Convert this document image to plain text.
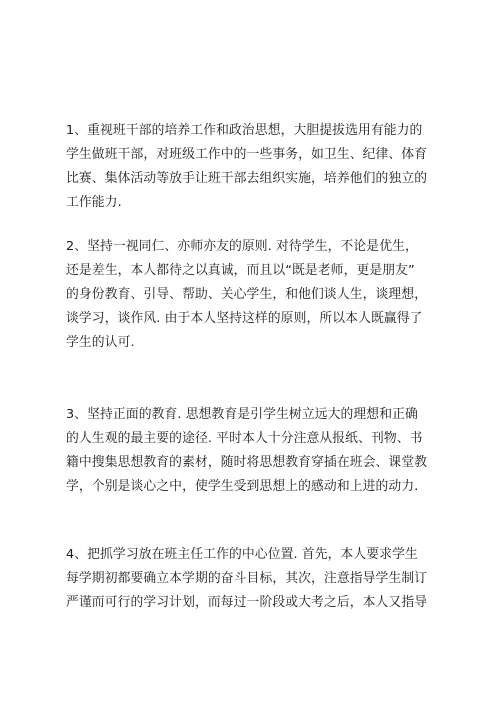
1、重视班干部的培养工作和政治思想，大胆提拔选用有能力的
学生做班干部，对班级工作中的一些事务，如卫生、纪律、体育
比赛、集体活动等放手让班干部去组织实施，培养他们的独立的
工作能力.
2、坚持一视同仁、亦师亦友的原则. 对待学生，不论是优生，
还是差生，本人都待之以真诚，而且以“既是老师，更是朋友”
的身份教育、引导、帮助、关心学生，和他们谈人生，谈理想，
谈学习，谈作风. 由于本人坚持这样的原则，所以本人既赢得了
学生的认可.
3、坚持正面的教育. 思想教育是引学生树立远大的理想和正确
的人生观的最主要的途径. 平时本人十分注意从报纸、刊物、书
籍中搜集思想教育的素材，随时将思想教育穿插在班会、课堂教
学，个别是谈心之中，使学生受到思想上的感动和上进的动力.
4、把抓学习放在班主任工作的中心位置. 首先，本人要求学生
每学期初都要确立本学期的奋斗目标，其次，注意指导学生制订
严谨而可行的学习计划，而每过一阶段或大考之后，本人又指导
